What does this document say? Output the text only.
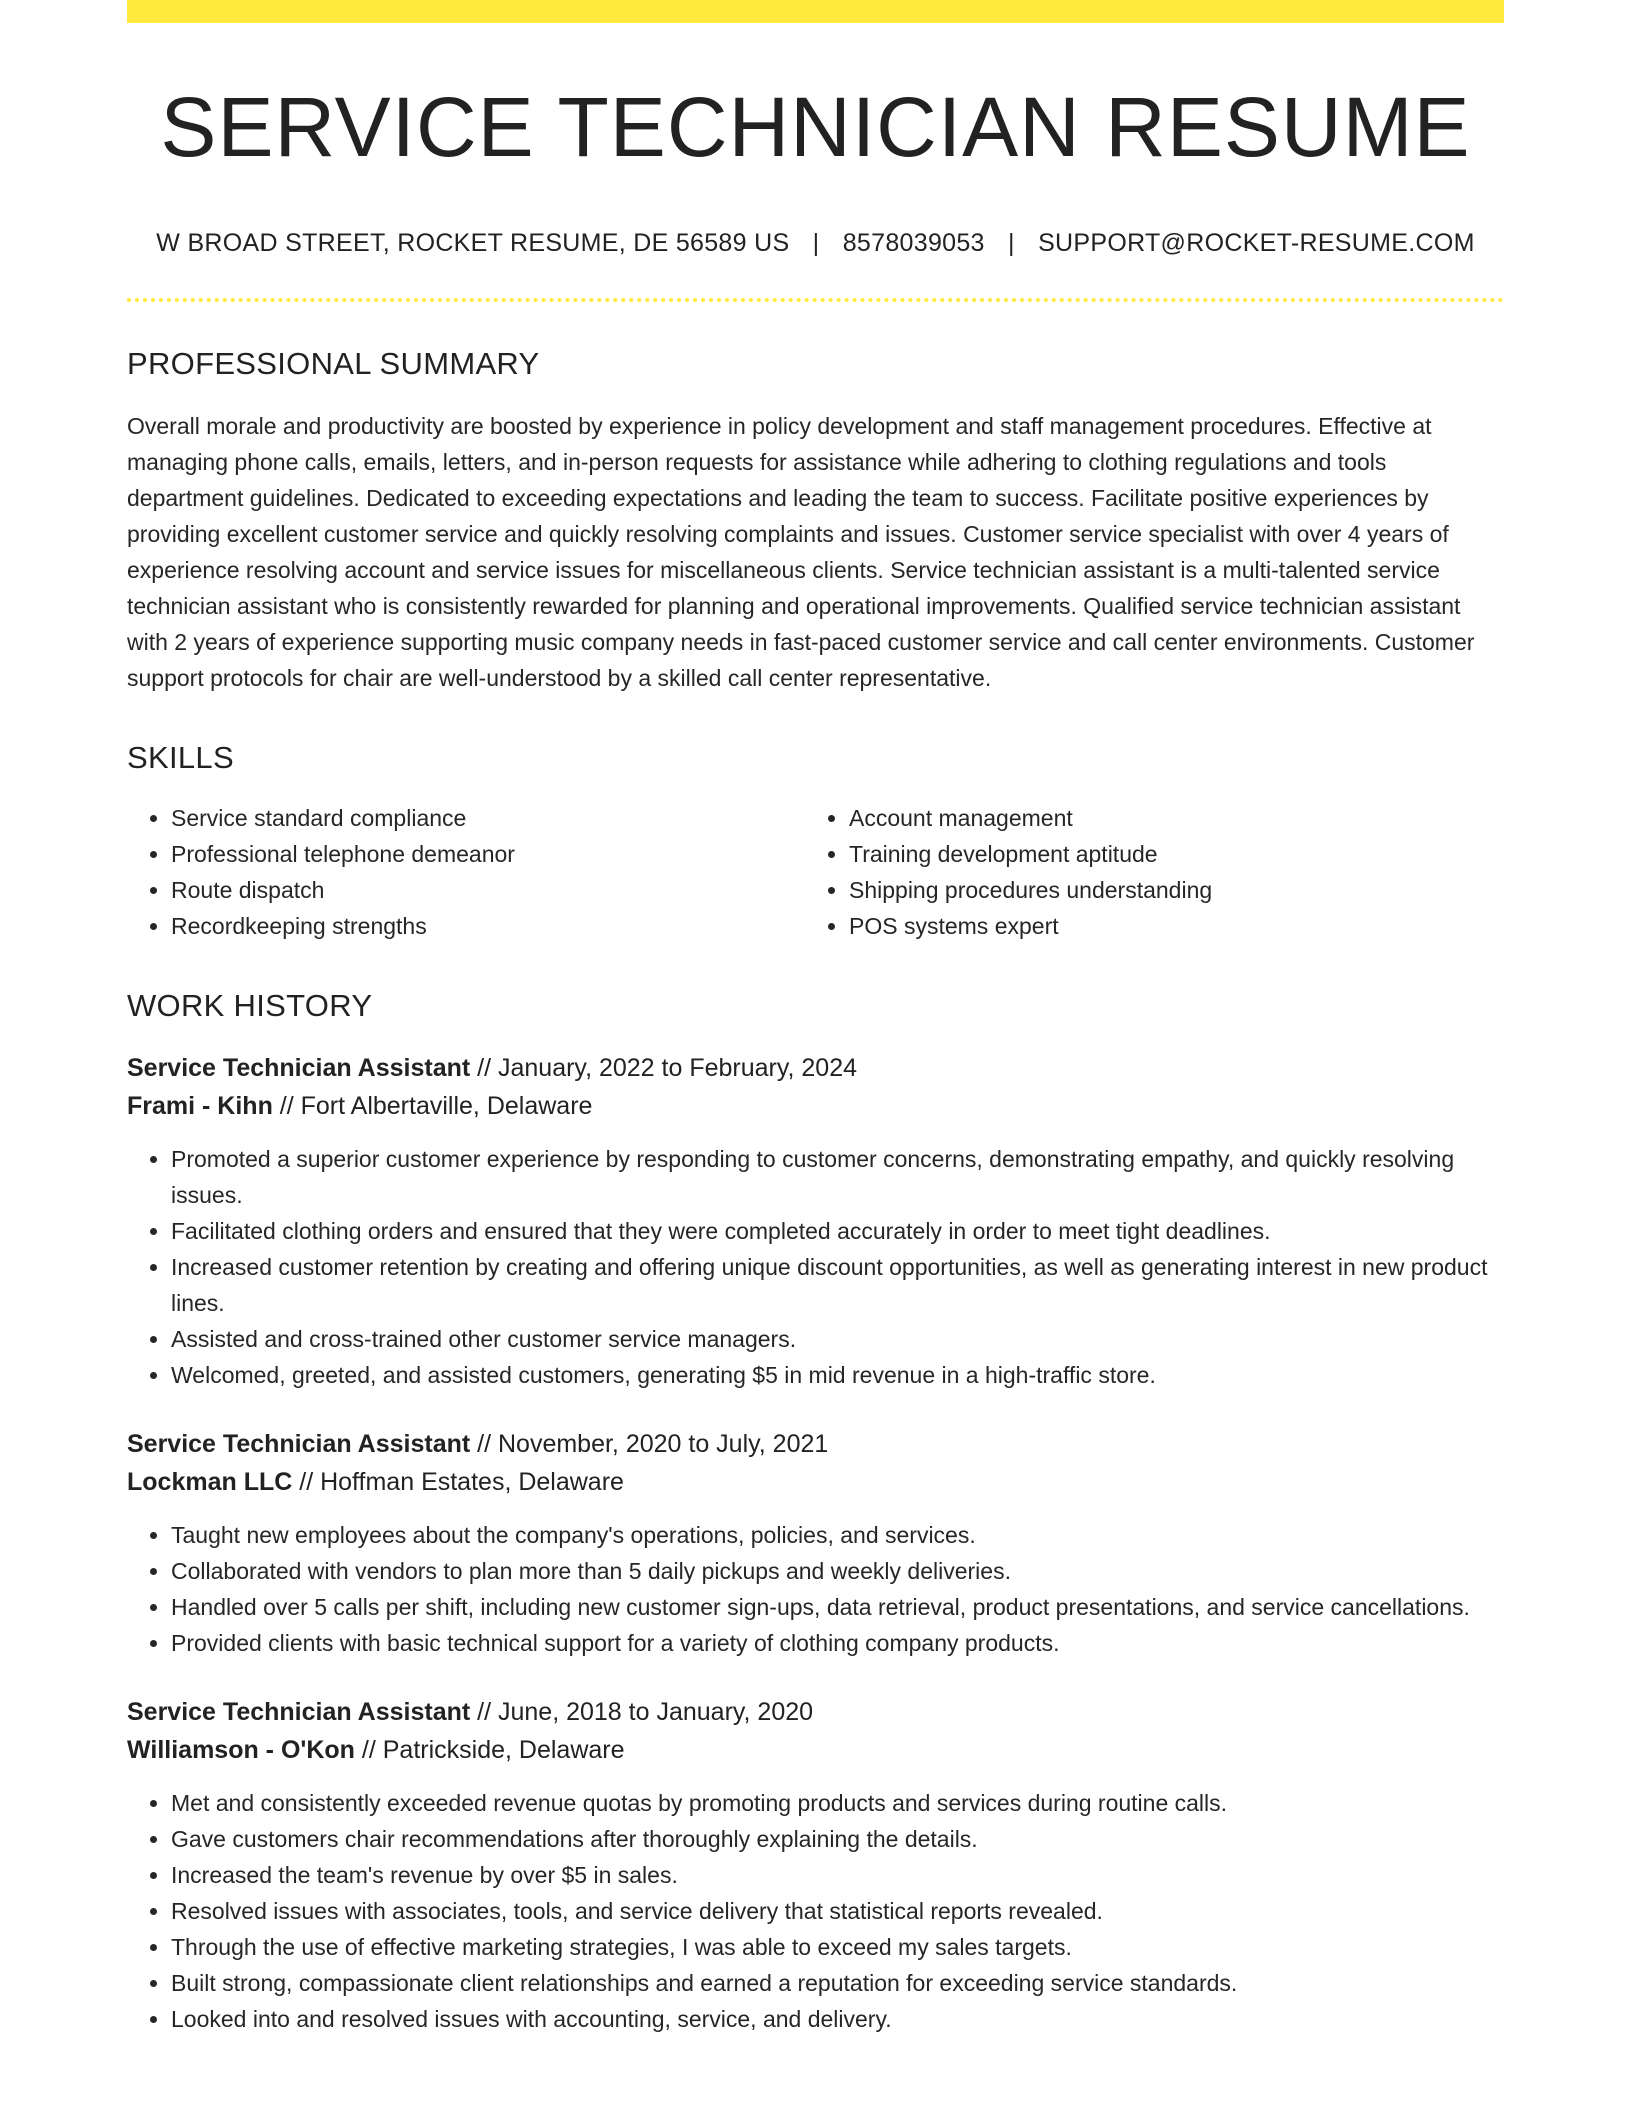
SERVICE TECHNICIAN RESUME
W BROAD STREET, ROCKET RESUME, DE 56589 US | 8578039053 | SUPPORT@ROCKET-RESUME.COM
PROFESSIONAL SUMMARY

Overall morale and productivity are boosted by experience in policy development and staff management procedures. Effective at managing phone calls, emails, letters, and in-person requests for assistance while adhering to clothing regulations and tools department guidelines. Dedicated to exceeding expectations and leading the team to success. Facilitate positive experiences by providing excellent customer service and quickly resolving complaints and issues. Customer service specialist with over 4 years of experience resolving account and service issues for miscellaneous clients. Service technician assistant is a multi-talented service technician assistant who is consistently rewarded for planning and operational improvements. Qualified service technician assistant with 2 years of experience supporting music company needs in fast-paced customer service and call center environments. Customer support protocols for chair are well-understood by a skilled call center representative.

SKILLS
• Service standard compliance
• Professional telephone demeanor
• Route dispatch
• Recordkeeping strengths
• Account management
• Training development aptitude
• Shipping procedures understanding
• POS systems expert
WORK HISTORY
Service Technician Assistant // January, 2022 to February, 2024
Frami - Kihn // Fort Albertaville, Delaware
• Promoted a superior customer experience by responding to customer concerns, demonstrating empathy, and quickly resolving issues.
• Facilitated clothing orders and ensured that they were completed accurately in order to meet tight deadlines.
• Increased customer retention by creating and offering unique discount opportunities, as well as generating interest in new product lines.
• Assisted and cross-trained other customer service managers.
• Welcomed, greeted, and assisted customers, generating $5 in mid revenue in a high-traffic store.
Service Technician Assistant // November, 2020 to July, 2021
Lockman LLC // Hoffman Estates, Delaware
• Taught new employees about the company's operations, policies, and services.
• Collaborated with vendors to plan more than 5 daily pickups and weekly deliveries.
• Handled over 5 calls per shift, including new customer sign-ups, data retrieval, product presentations, and service cancellations.
• Provided clients with basic technical support for a variety of clothing company products.
Service Technician Assistant // June, 2018 to January, 2020
Williamson - O'Kon // Patrickside, Delaware
• Met and consistently exceeded revenue quotas by promoting products and services during routine calls.
• Gave customers chair recommendations after thoroughly explaining the details.
• Increased the team's revenue by over $5 in sales.
• Resolved issues with associates, tools, and service delivery that statistical reports revealed.
• Through the use of effective marketing strategies, I was able to exceed my sales targets.
• Built strong, compassionate client relationships and earned a reputation for exceeding service standards.
• Looked into and resolved issues with accounting, service, and delivery.
